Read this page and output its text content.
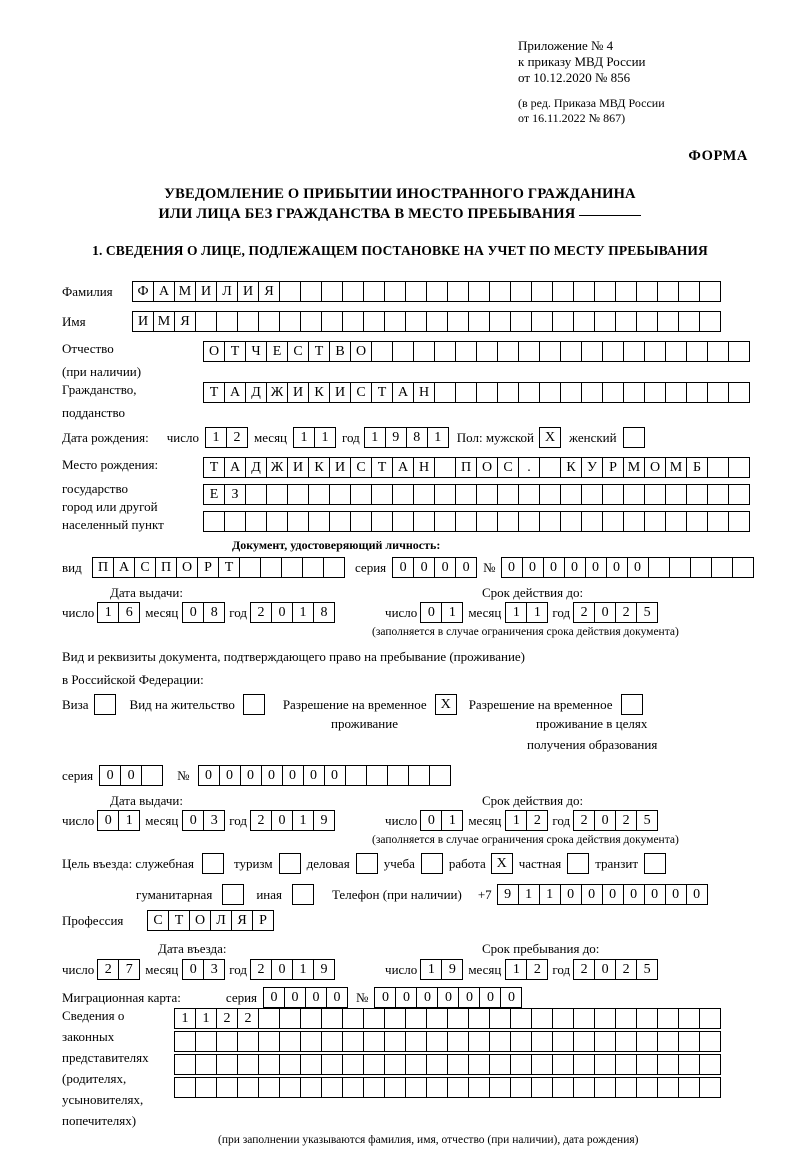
Приложение № 4
к приказу МВД России
от 10.12.2020 № 856
(в ред. Приказа МВД России
от 16.11.2022 № 867)
ФОРМА
УВЕДОМЛЕНИЕ О ПРИБЫТИИ ИНОСТРАННОГО ГРАЖДАНИНА
ИЛИ ЛИЦА БЕЗ ГРАЖДАНСТВА В МЕСТО ПРЕБЫВАНИЯ
1. СВЕДЕНИЯ О ЛИЦЕ, ПОДЛЕЖАЩЕМ ПОСТАНОВКЕ НА УЧЕТ ПО МЕСТУ ПРЕБЫВАНИЯ
Фамилия	Ф А М И Л И Я
Имя	И М Я
Отчество	О Т Ч Е С Т В О
(при наличии)
Гражданство,	Т А Д Ж И К И С Т А Н
подданство
Дата рождения: число 1	2	месяц 1	1	год 1	9	8	1	Пол: мужской X	женский
Место рождения:	Т А Д Ж И К И С Т А Н	П О С	.	К У Р М О М Б
государство	Е З
город или другой
населенный пункт
Документ, удостоверяющий личность:
вид	П А С П О Р Т	серия 0	0	0	0	№ 0	0	0	0	0	0	0
Дата выдачи:	Срок действия до:
число 1	6 месяц 0	8 год 2	0	1	8	число 0	1 месяц 1	1 год 2	0	2	5
(заполняется в случае ограничения срока действия документа)
Вид и реквизиты документа, подтверждающего право на пребывание (проживание)
в Российской Федерации:
Виза	Вид на жительство	Разрешение на временное X	Разрешение на временное
проживание	проживание в целях
получения образования
серия 0	0	№	0	0	0	0	0	0	0
Дата выдачи:	Срок действия до:
число 0	1 месяц 0	3 год 2	0	1	9	число 0	1 месяц 1	2 год 2	0	2	5
(заполняется в случае ограничения срока действия документа)
Цель въезда: служебная	туризм	деловая	учеба	работа X частная	транзит
гуманитарная	иная	Телефон (при наличии) +7 9	1	1	0	0	0	0	0	0	0
Профессия	С Т О Л Я Р
Дата въезда:	Срок пребывания до:
число 2	7 месяц 0	3 год 2	0	1	9	число 1	9 месяц 1	2 год 2	0	2	5
Миграционная карта:	серия 0	0	0	0	№ 0	0	0	0	0	0	0
Сведения о
законных
представителях
(родителях,
усыновителях,
попечителях)
1	1	2	2
(при заполнении указываются фамилия, имя, отчество (при наличии), дата рождения)
